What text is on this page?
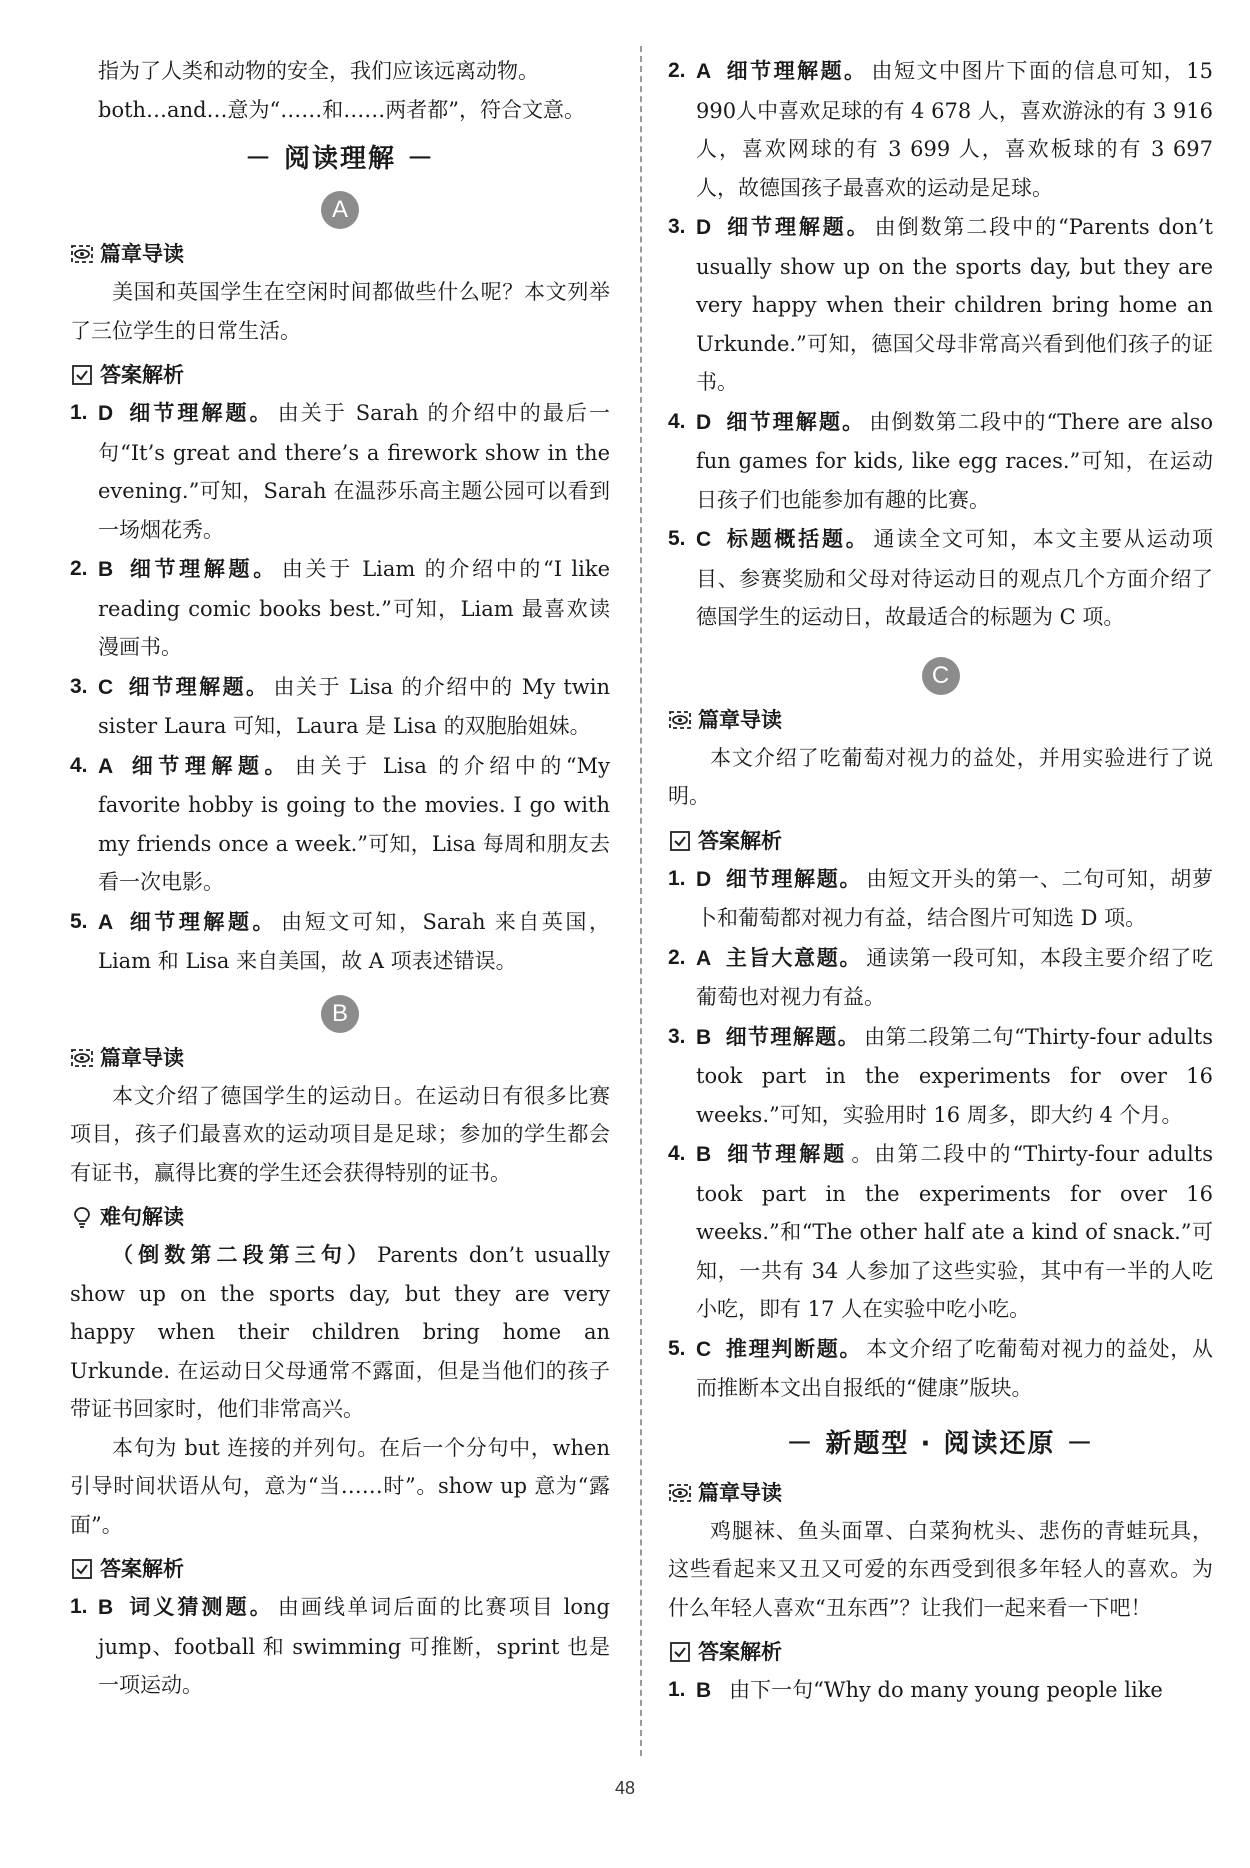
指为了人类和动物的安全，我们应该远离动物。

both…and…意为“……和……两者都”，符合文意。

－ 阅读理解 －
A
篇章导读

美国和英国学生在空闲时间都做些什么呢？本文列举了三位学生的日常生活。

答案解析
1. D 细节理解题。 由关于 Sarah 的介绍中的最后一句“It’s great and there’s a firework show in the evening.”可知，Sarah 在温莎乐高主题公园可以看到一场烟花秀。
2. B 细节理解题。 由关于 Liam 的介绍中的“I like reading comic books best.”可知，Liam 最喜欢读漫画书。
3. C 细节理解题。 由关于 Lisa 的介绍中的 My twin sister Laura 可知，Laura 是 Lisa 的双胞胎姐妹。
4. A 细节理解题。 由关于 Lisa 的介绍中的“My favorite hobby is going to the movies. I go with my friends once a week.”可知，Lisa 每周和朋友去看一次电影。
5. A 细节理解题。 由短文可知，Sarah 来自英国，Liam 和 Lisa 来自美国，故 A 项表述错误。
B
篇章导读

本文介绍了德国学生的运动日。在运动日有很多比赛项目，孩子们最喜欢的运动项目是足球；参加的学生都会有证书，赢得比赛的学生还会获得特别的证书。

难句解读

（倒数第二段第三句） Parents don’t usually show up on the sports day, but they are very happy when their children bring home an Urkunde. 在运动日父母通常不露面，但是当他们的孩子带证书回家时，他们非常高兴。

本句为 but 连接的并列句。在后一个分句中，when 引导时间状语从句，意为“当……时”。show up 意为“露面”。

答案解析
1. B 词义猜测题。 由画线单词后面的比赛项目 long jump、football 和 swimming 可推断，sprint 也是一项运动。
2. A 细节理解题。 由短文中图片下面的信息可知，15 990人中喜欢足球的有 4 678 人，喜欢游泳的有 3 916人，喜欢网球的有 3 699 人，喜欢板球的有 3 697 人，故德国孩子最喜欢的运动是足球。
3. D 细节理解题。 由倒数第二段中的“Parents don’t usually show up on the sports day, but they are very happy when their children bring home an Urkunde.”可知，德国父母非常高兴看到他们孩子的证书。
4. D 细节理解题。 由倒数第二段中的“There are also fun games for kids, like egg races.”可知，在运动日孩子们也能参加有趣的比赛。
5. C 标题概括题。 通读全文可知，本文主要从运动项目、参赛奖励和父母对待运动日的观点几个方面介绍了德国学生的运动日，故最适合的标题为 C 项。
C
篇章导读

本文介绍了吃葡萄对视力的益处，并用实验进行了说明。

答案解析
1. D 细节理解题。 由短文开头的第一、二句可知，胡萝卜和葡萄都对视力有益，结合图片可知选 D 项。
2. A 主旨大意题。 通读第一段可知，本段主要介绍了吃葡萄也对视力有益。
3. B 细节理解题。 由第二段第二句“Thirty-four adults took part in the experiments for over 16 weeks.”可知，实验用时 16 周多，即大约 4 个月。
4. B 细节理解题 。由第二段中的“Thirty-four adults took part in the experiments for over 16 weeks.”和“The other half ate a kind of snack.”可知，一共有 34 人参加了这些实验，其中有一半的人吃小吃，即有 17 人在实验中吃小吃。
5. C 推理判断题。 本文介绍了吃葡萄对视力的益处，从而推断本文出自报纸的“健康”版块。
－ 新题型 · 阅读还原 －
篇章导读

鸡腿袜、鱼头面罩、白菜狗枕头、悲伤的青蛙玩具，这些看起来又丑又可爱的东西受到很多年轻人的喜欢。为什么年轻人喜欢“丑东西”？让我们一起来看一下吧！

答案解析
1. B 由下一句“Why do many young people like
48
